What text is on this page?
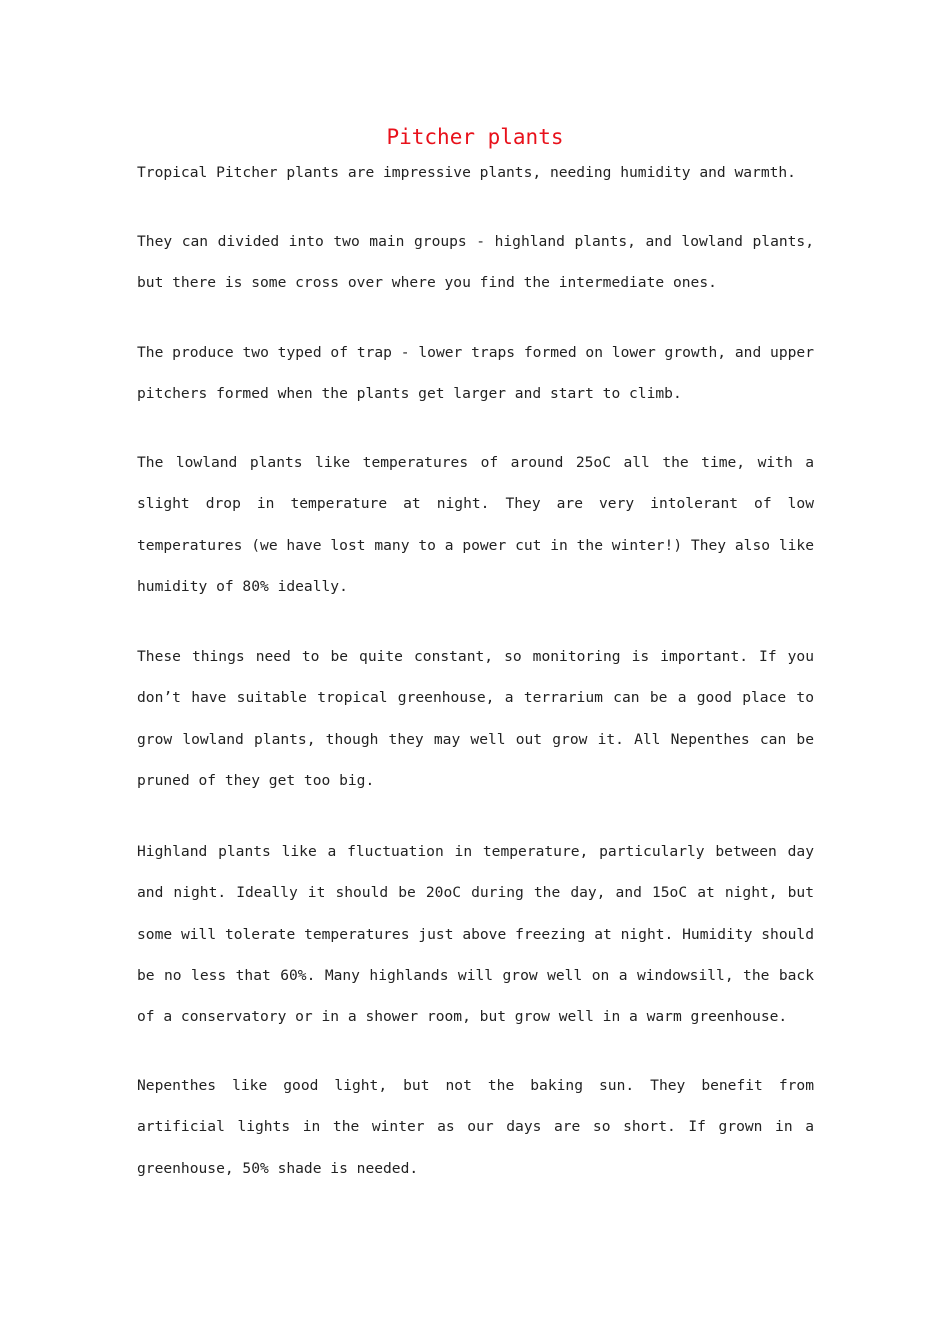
Pitcher plants

Tropical Pitcher plants are impressive plants, needing humidity and warmth.

They can divided into two main groups - highland plants, and lowland plants, but there is some cross over where you find the intermediate ones.

The produce two typed of trap - lower traps formed on lower growth, and upper pitchers formed when the plants get larger and start to climb.

The lowland plants like temperatures of around 25oC all the time, with a slight drop in temperature at night. They are very intolerant of low temperatures (we have lost many to a power cut in the winter!) They also like humidity of 80% ideally.

These things need to be quite constant, so monitoring is important. If you don’t have suitable tropical greenhouse, a terrarium can be a good place to grow lowland plants, though they may well out grow it. All Nepenthes can be pruned of they get too big.

Highland plants like a fluctuation in temperature, particularly between day and night. Ideally it should be 20oC during the day, and 15oC at night, but some will tolerate temperatures just above freezing at night. Humidity should be no less that 60%. Many highlands will grow well on a windowsill, the back of a conservatory or in a shower room, but grow well in a warm greenhouse.

Nepenthes like good light, but not the baking sun. They benefit from artificial lights in the winter as our days are so short. If grown in a greenhouse, 50% shade is needed.
